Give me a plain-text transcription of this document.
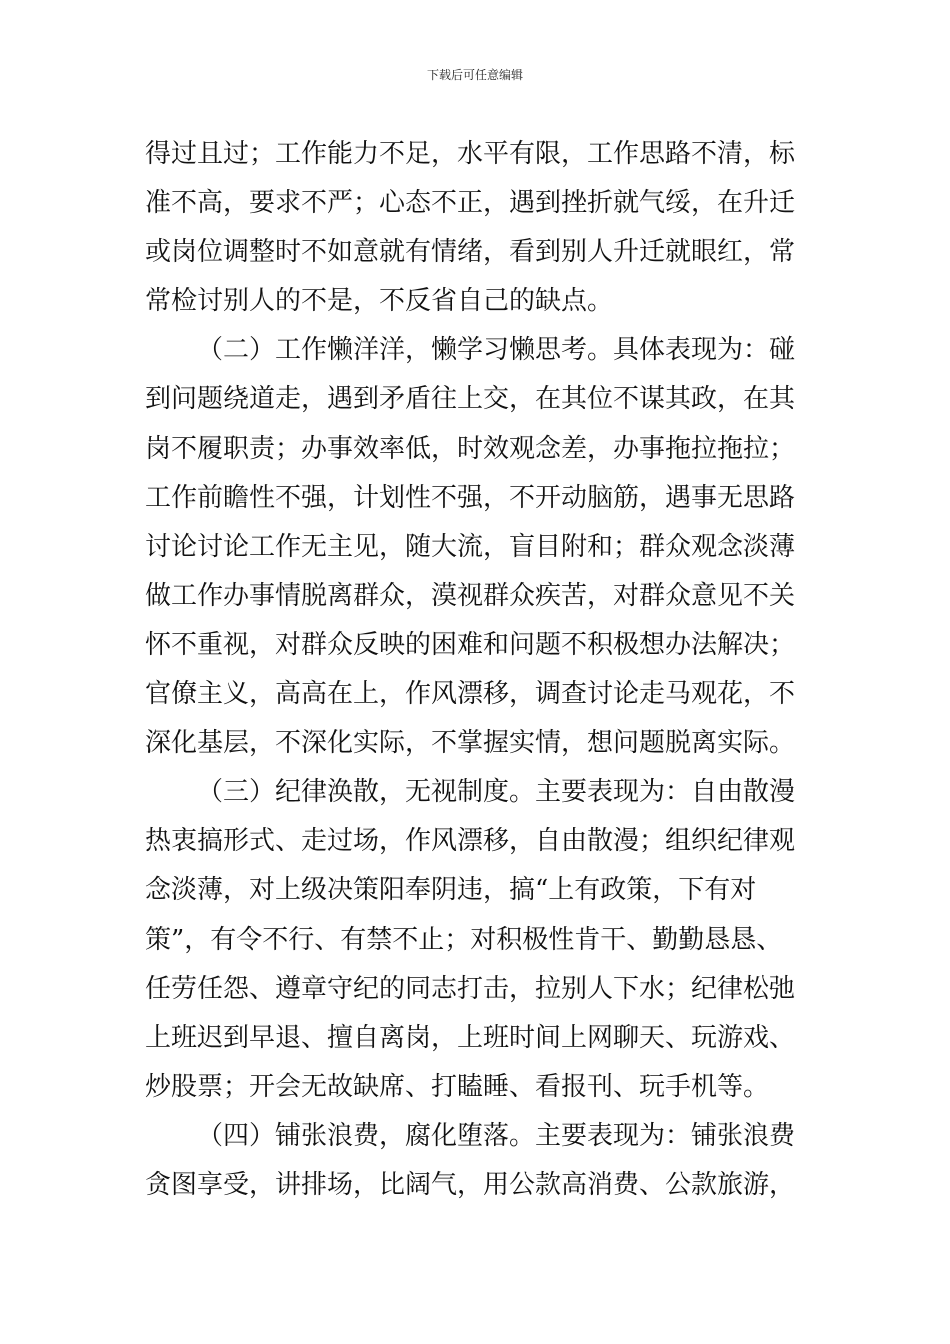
下载后可任意编辑
得过且过；工作能力不足，水平有限，工作思路不清，标
准不高，要求不严；心态不正，遇到挫折就气绥，在升迁
或岗位调整时不如意就有情绪，看到别人升迁就眼红，常
常检讨别人的不是，不反省自己的缺点。
（二）工作懒洋洋，懒学习懒思考。具体表现为：碰
到问题绕道走，遇到矛盾往上交，在其位不谋其政，在其
岗不履职责；办事效率低，时效观念差，办事拖拉拖拉；
工作前瞻性不强，计划性不强，不开动脑筋，遇事无思路
讨论讨论工作无主见，随大流，盲目附和；群众观念淡薄
做工作办事情脱离群众，漠视群众疾苦，对群众意见不关
怀不重视，对群众反映的困难和问题不积极想办法解决；
官僚主义，高高在上，作风漂移，调查讨论走马观花，不
深化基层，不深化实际，不掌握实情，想问题脱离实际。
（三）纪律涣散，无视制度。主要表现为：自由散漫
热衷搞形式、走过场，作风漂移，自由散漫；组织纪律观
念淡薄，对上级决策阳奉阴违，搞“上有政策，下有对
策”，有令不行、有禁不止；对积极性肯干、勤勤恳恳、
任劳任怨、遵章守纪的同志打击，拉别人下水；纪律松弛
上班迟到早退、擅自离岗，上班时间上网聊天、玩游戏、
炒股票；开会无故缺席、打瞌睡、看报刊、玩手机等。
（四）铺张浪费，腐化堕落。主要表现为：铺张浪费
贪图享受，讲排场，比阔气，用公款高消费、公款旅游，
